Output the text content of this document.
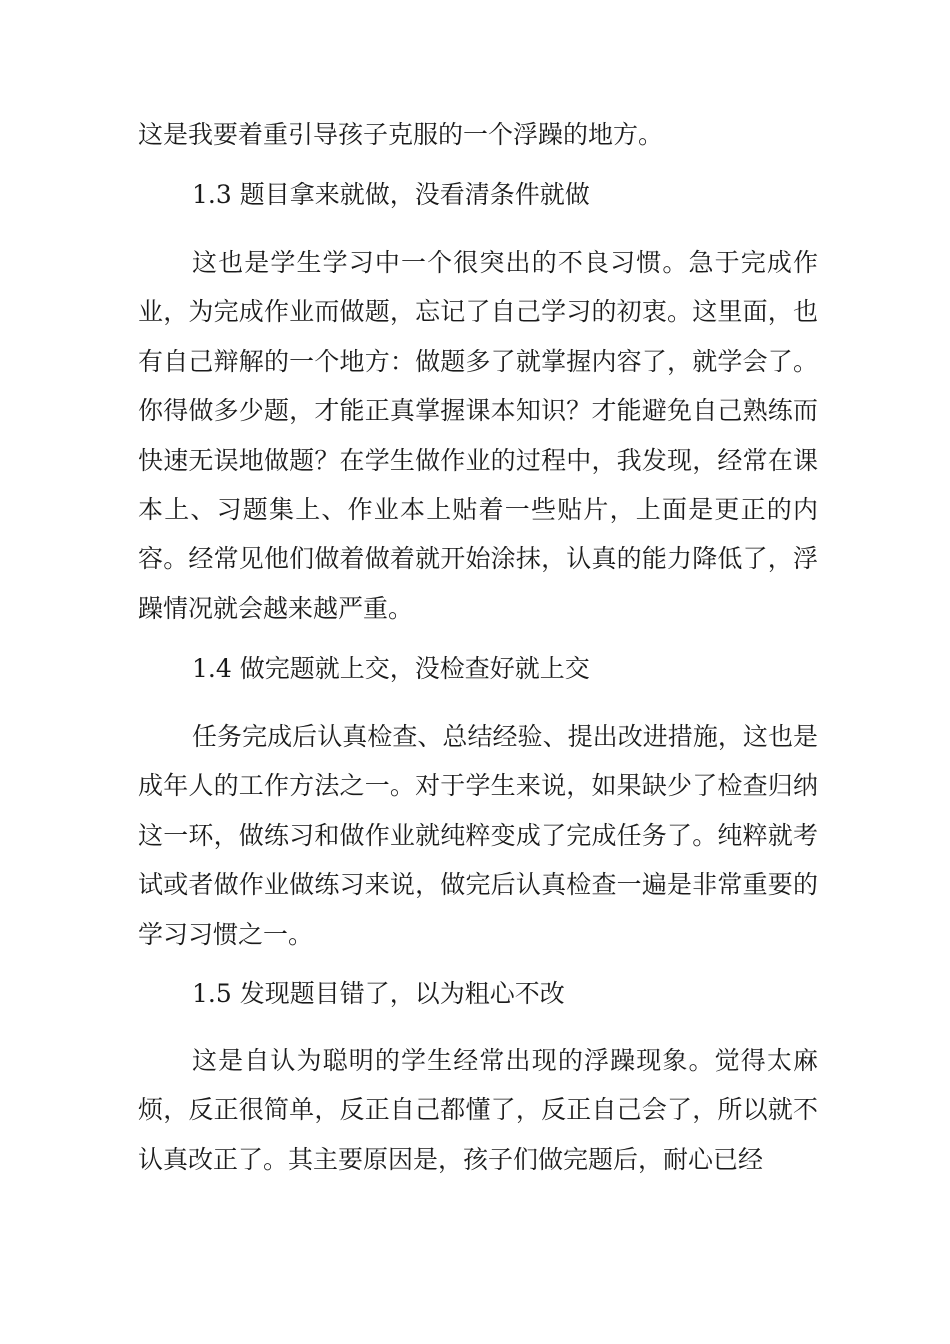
这是我要着重引导孩子克服的一个浮躁的地方。

1.3 题目拿来就做，没看清条件就做

这也是学生学习中一个很突出的不良习惯。急于完成作业，为完成作业而做题，忘记了自己学习的初衷。这里面，也有自己辩解的一个地方：做题多了就掌握内容了，就学会了。你得做多少题，才能正真掌握课本知识？才能避免自己熟练而快速无误地做题？在学生做作业的过程中，我发现，经常在课本上、习题集上、作业本上贴着一些贴片，上面是更正的内容。经常见他们做着做着就开始涂抹，认真的能力降低了，浮躁情况就会越来越严重。

1.4 做完题就上交，没检查好就上交

任务完成后认真检查、总结经验、提出改进措施，这也是成年人的工作方法之一。对于学生来说，如果缺少了检查归纳这一环，做练习和做作业就纯粹变成了完成任务了。纯粹就考试或者做作业做练习来说，做完后认真检查一遍是非常重要的学习习惯之一。

1.5 发现题目错了，以为粗心不改

这是自认为聪明的学生经常出现的浮躁现象。觉得太麻烦，反正很简单，反正自己都懂了，反正自己会了，所以就不认真改正了。其主要原因是，孩子们做完题后，耐心已经
